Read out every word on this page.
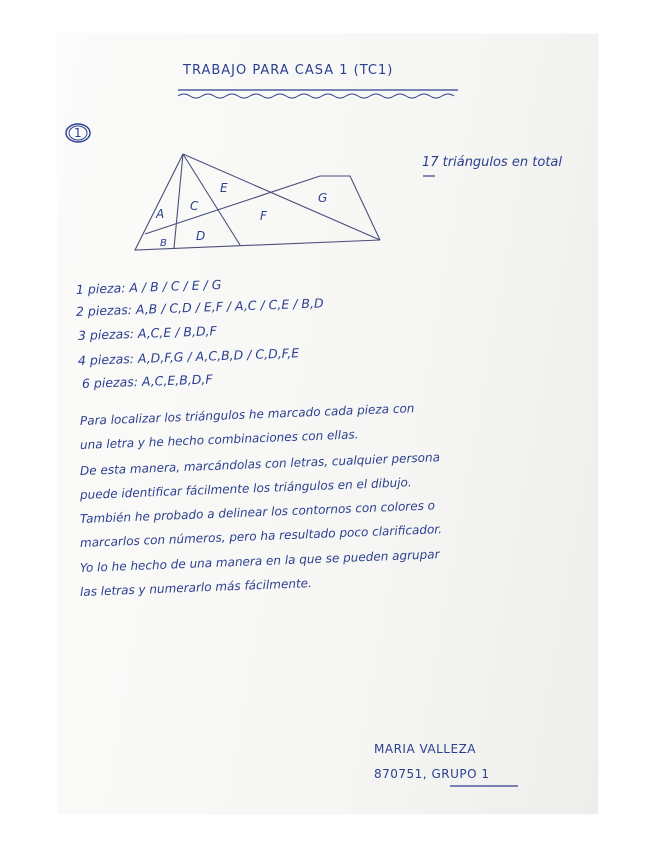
TRABAJO PARA CASA 1 (TC1)
1
A
B
C
D
E
F
G
17 triángulos en total
1 pieza: A / B / C / E / G
2 piezas: A,B / C,D / E,F / A,C / C,E / B,D
3 piezas: A,C,E / B,D,F
4 piezas: A,D,F,G / A,C,B,D / C,D,F,E
6 piezas: A,C,E,B,D,F
Para localizar los triángulos he marcado cada pieza con
una letra y he hecho combinaciones con ellas.
De esta manera, marcándolas con letras, cualquier persona
puede identificar fácilmente los triángulos en el dibujo.
También he probado a delinear los contornos con colores o
marcarlos con números, pero ha resultado poco clarificador.
Yo lo he hecho de una manera en la que se pueden agrupar
las letras y numerarlo más fácilmente.
MARIA VALLEZA
870751, GRUPO 1
